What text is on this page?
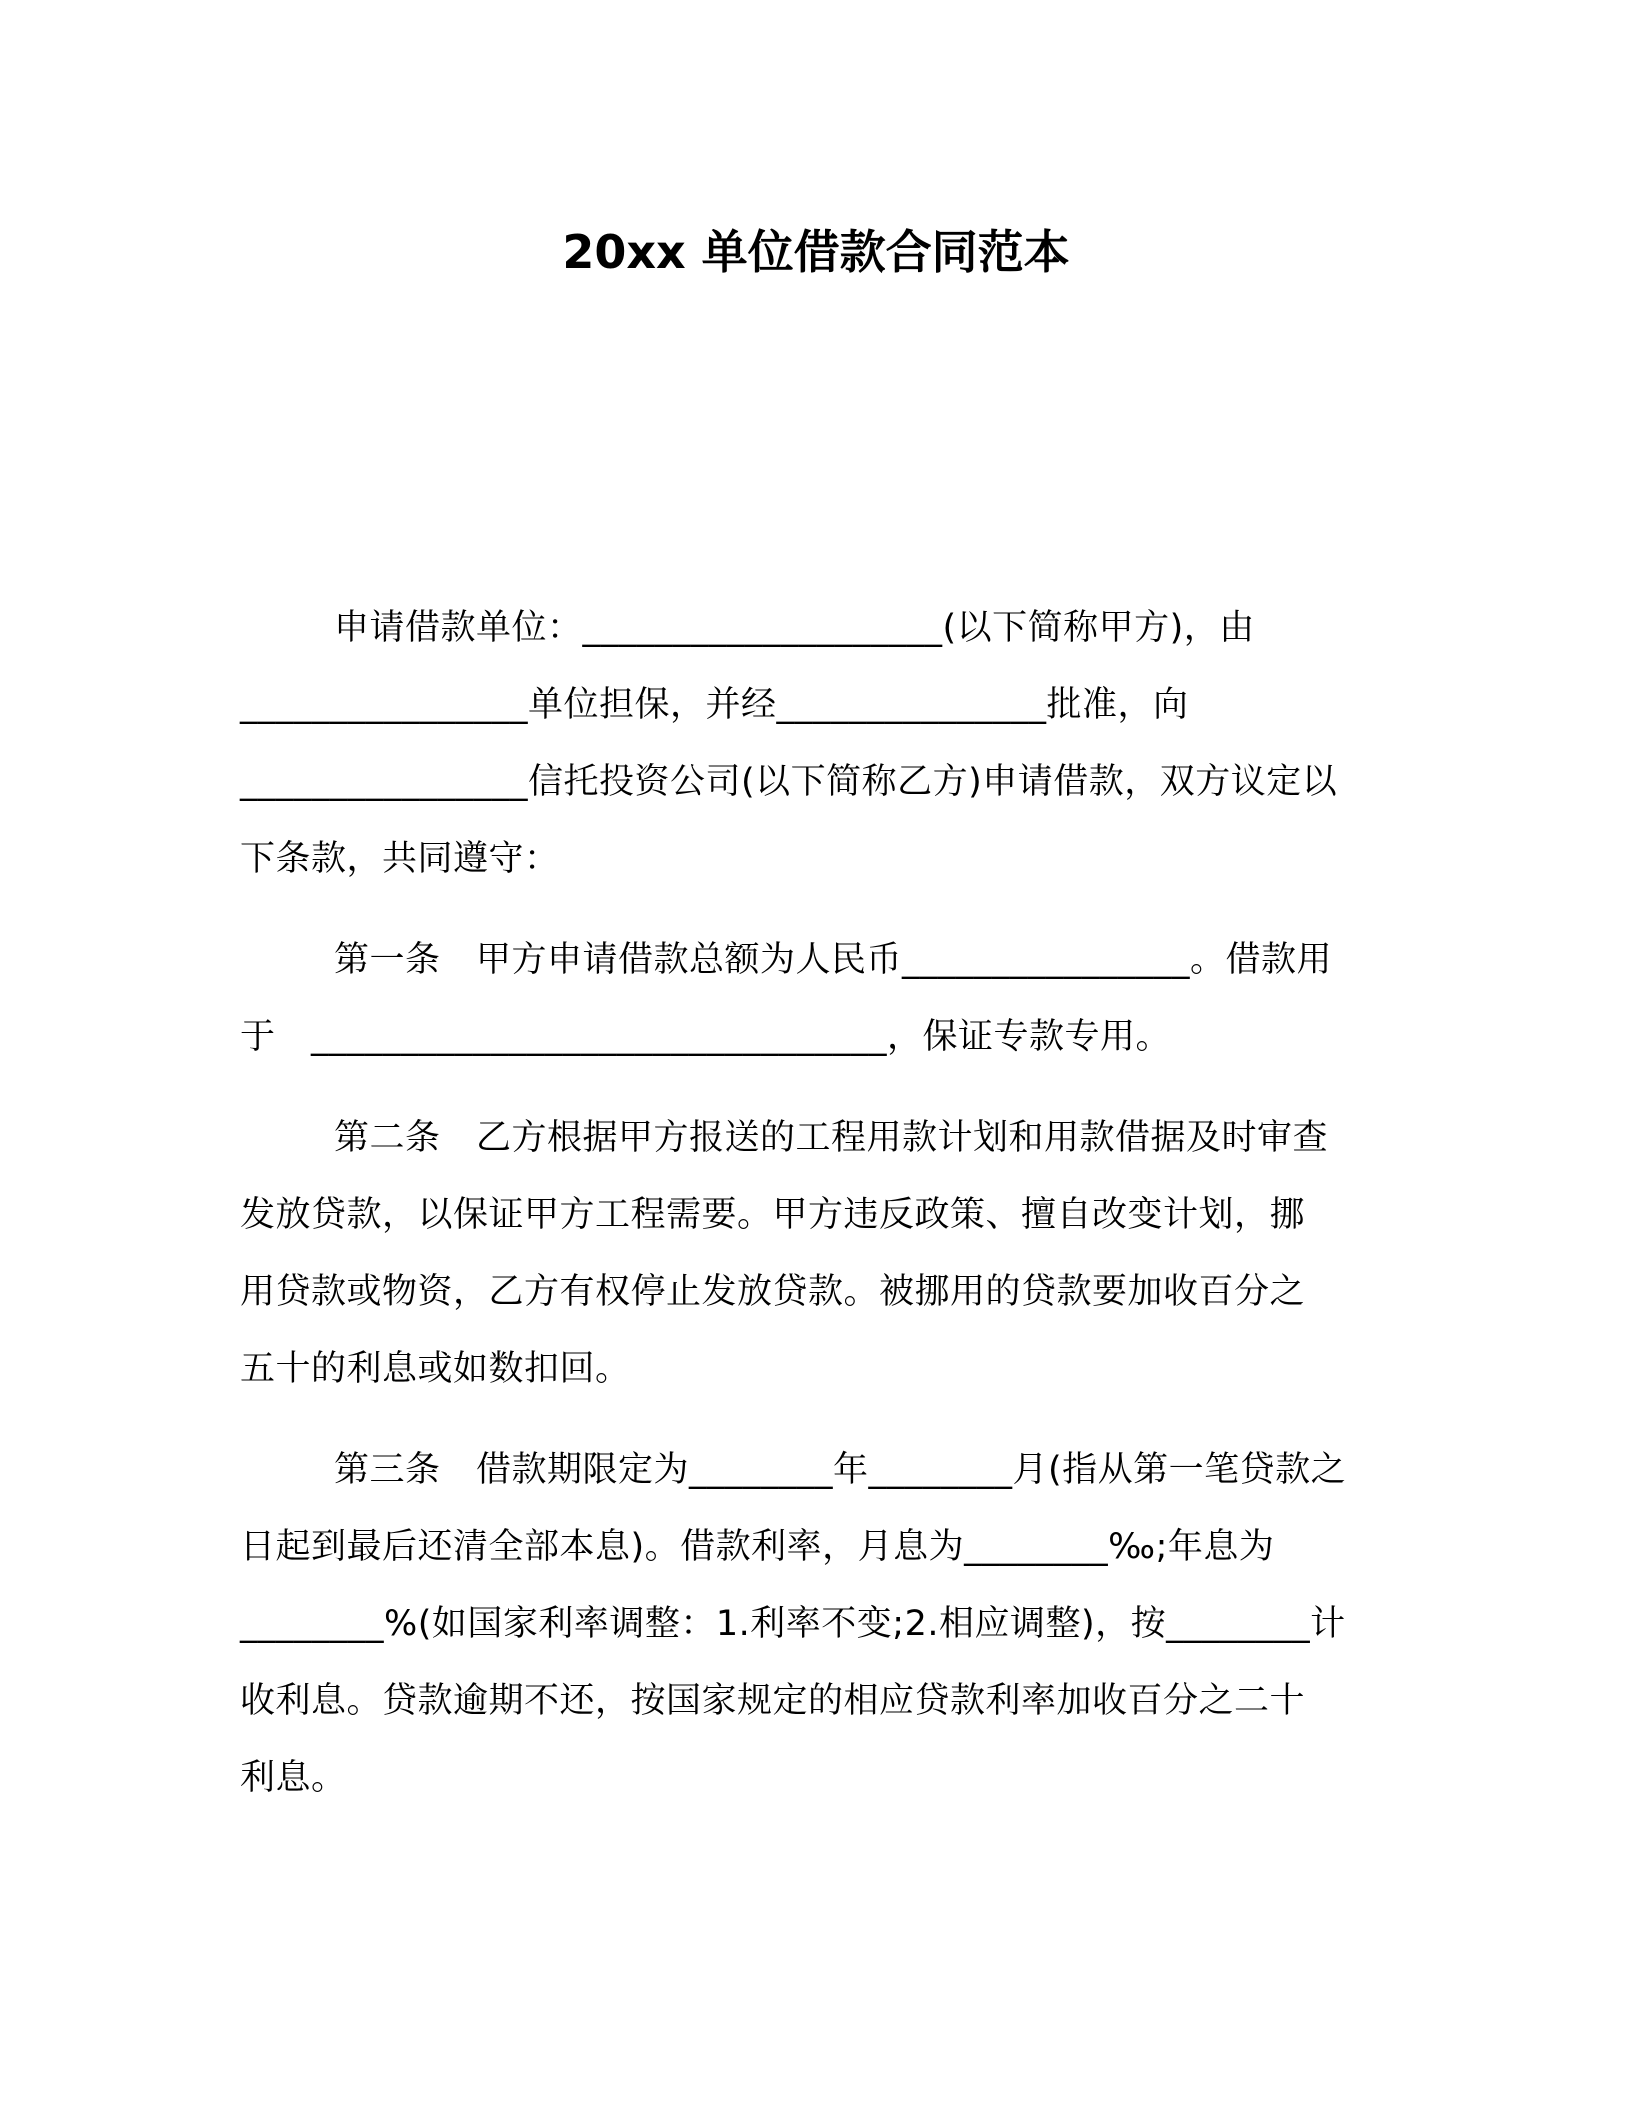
20xx 单位借款合同范本
申请借款单位：____________________(以下简称甲方)，由
________________单位担保，并经_______________批准，向
________________信托投资公司(以下简称乙方)申请借款，双方议定以
下条款，共同遵守：
第一条　甲方申请借款总额为人民币________________。借款用
于　________________________________，保证专款专用。
第二条　乙方根据甲方报送的工程用款计划和用款借据及时审查
发放贷款，以保证甲方工程需要。甲方违反政策、擅自改变计划，挪
用贷款或物资，乙方有权停止发放贷款。被挪用的贷款要加收百分之
五十的利息或如数扣回。
第三条　借款期限定为________年________月(指从第一笔贷款之
日起到最后还清全部本息)。借款利率，月息为________‰;年息为
________%(如国家利率调整：1.利率不变;2.相应调整)，按________计
收利息。贷款逾期不还，按国家规定的相应贷款利率加收百分之二十
利息。
